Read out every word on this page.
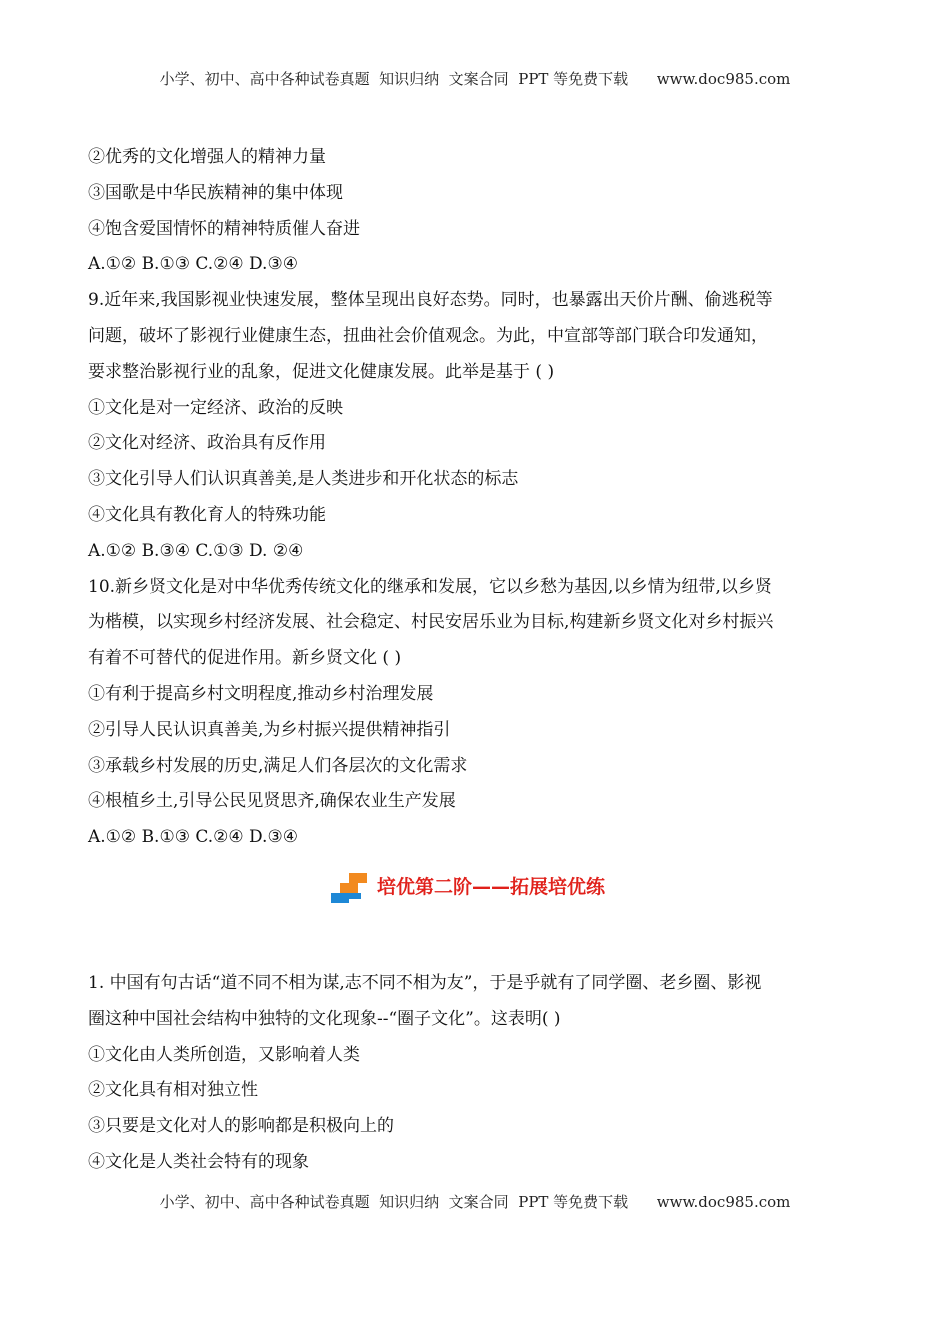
小学、初中、高中各种试卷真题  知识归纳  文案合同  PPT 等免费下载      www.doc985.com
②优秀的文化增强人的精神力量
③国歌是中华民族精神的集中体现
④饱含爱国情怀的精神特质催人奋进
A.①② B.①③ C.②④ D.③④
9.近年来,我国影视业快速发展，整体呈现出良好态势。同时，也暴露出天价片酬、偷逃税等
问题，破坏了影视行业健康生态，扭曲社会价值观念。为此，中宣部等部门联合印发通知，
要求整治影视行业的乱象，促进文化健康发展。此举是基于 ( )
①文化是对一定经济、政治的反映
②文化对经济、政治具有反作用
③文化引导人们认识真善美,是人类进步和开化状态的标志
④文化具有教化育人的特殊功能
A.①② B.③④ C.①③ D. ②④
10.新乡贤文化是对中华优秀传统文化的继承和发展，它以乡愁为基因,以乡情为纽带,以乡贤
为楷模，以实现乡村经济发展、社会稳定、村民安居乐业为目标,构建新乡贤文化对乡村振兴
有着不可替代的促进作用。新乡贤文化 ( )
①有利于提高乡村文明程度,推动乡村治理发展
②引导人民认识真善美,为乡村振兴提供精神指引
③承载乡村发展的历史,满足人们各层次的文化需求
④根植乡土,引导公民见贤思齐,确保农业生产发展
A.①② B.①③ C.②④ D.③④
培优第二阶——拓展培优练
1. 中国有句古话“道不同不相为谋,志不同不相为友”，于是乎就有了同学圈、老乡圈、影视
圈这种中国社会结构中独特的文化现象--“圈子文化”。这表明( )
①文化由人类所创造，又影响着人类
②文化具有相对独立性
③只要是文化对人的影响都是积极向上的
④文化是人类社会特有的现象
小学、初中、高中各种试卷真题  知识归纳  文案合同  PPT 等免费下载      www.doc985.com
